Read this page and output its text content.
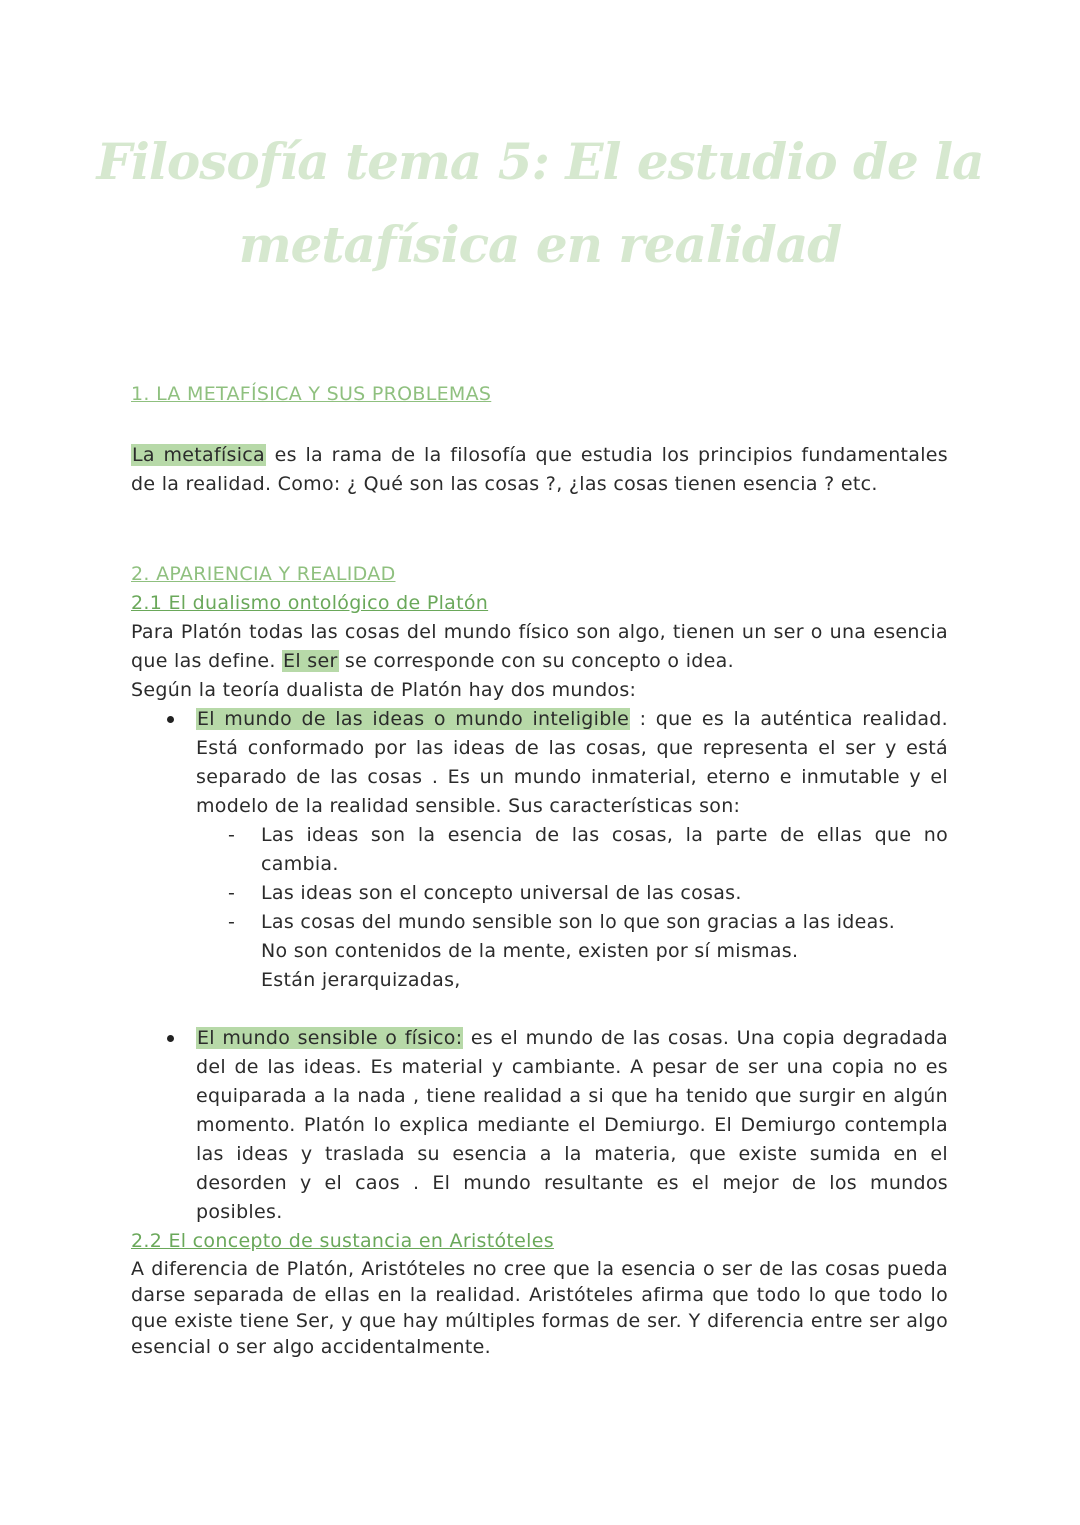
Filosofía tema 5: El estudio de la
metafísica en realidad
1. LA METAFÍSICA Y SUS PROBLEMAS

La metafísica es la rama de la filosofía que estudia los principios fundamentales de la realidad. Como: ¿ Qué son las cosas ?, ¿las cosas tienen esencia ? etc.

2. APARIENCIA Y REALIDAD
2.1 El dualismo ontológico de Platón

Para Platón todas las cosas del mundo físico son algo, tienen un ser o una esencia que las define. El ser se corresponde con su concepto o idea.

Según la teoría dualista de Platón hay dos mundos:

El mundo de las ideas o mundo inteligible : que es la auténtica realidad. Está conformado por las ideas de las cosas, que representa el ser y está separado de las cosas . Es un mundo inmaterial, eterno e inmutable y el modelo de la realidad sensible. Sus características son:
- Las ideas son la esencia de las cosas, la parte de ellas que no cambia.
- Las ideas son el concepto universal de las cosas.
- Las cosas del mundo sensible son lo que son gracias a las ideas.
No son contenidos de la mente, existen por sí mismas.
Están jerarquizadas,
El mundo sensible o físico: es el mundo de las cosas. Una copia degradada del de las ideas. Es material y cambiante. A pesar de ser una copia no es equiparada a la nada , tiene realidad a si que ha tenido que surgir en algún momento. Platón lo explica mediante el Demiurgo. El Demiurgo contempla las ideas y traslada su esencia a la materia, que existe sumida en el desorden y el caos . El mundo resultante es el mejor de los mundos posibles.
2.2 El concepto de sustancia en Aristóteles

A diferencia de Platón, Aristóteles no cree que la esencia o ser de las cosas pueda darse separada de ellas en la realidad. Aristóteles afirma que todo lo que todo lo que existe tiene Ser, y que hay múltiples formas de ser. Y diferencia entre ser algo esencial o ser algo accidentalmente.
